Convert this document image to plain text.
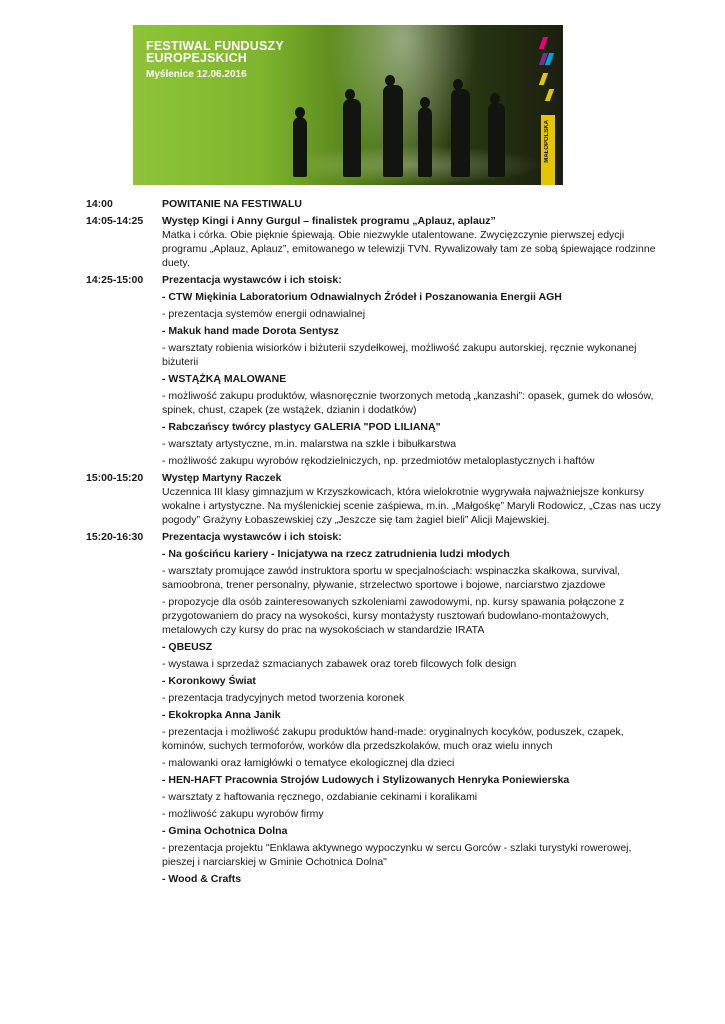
FESTIWAL FUNDUSZY
EUROPEJSKICH
Myślenice 12.06.2016
MAŁOPOLSKA
14:00	POWITANIE NA FESTIWALU
14:05-14:25	Występ Kingi i Anny Gurgul – finalistek programu „Aplauz, aplauz”
Matka i córka. Obie pięknie śpiewają. Obie niezwykle utalentowane. Zwycięzczynie pierwszej edycji programu „Aplauz, Aplauz”, emitowanego w telewizji TVN. Rywalizowały tam ze sobą śpiewające rodzinne duety.
14:25-15:00	Prezentacja wystawców i ich stoisk:
- CTW Miękinia Laboratorium Odnawialnych Źródeł i Poszanowania Energii AGH
- prezentacja systemów energii odnawialnej
- Makuk hand made Dorota Sentysz
- warsztaty robienia wisiorków i biżuterii szydełkowej, możliwość zakupu autorskiej, ręcznie wykonanej biżuterii
- WSTĄŻKĄ MALOWANE
- możliwość zakupu produktów, własnoręcznie tworzonych metodą „kanzashi”: opasek, gumek do włosów, spinek, chust, czapek (ze wstążek, dzianin i dodatków)
- Rabczańscy twórcy plastycy GALERIA "POD LILIANĄ"
- warsztaty artystyczne, m.in. malarstwa na szkle i bibułkarstwa
- możliwość zakupu wyrobów rękodzielniczych, np. przedmiotów metaloplastycznych i haftów
15:00-15:20	Występ Martyny Raczek
Uczennica III klasy gimnazjum w Krzyszkowicach, która wielokrotnie wygrywała najważniejsze konkursy wokalne i artystyczne. Na myślenickiej scenie zaśpiewa, m.in. „Małgośkę” Maryli Rodowicz, „Czas nas uczy pogody” Grażyny Łobaszewskiej czy „Jeszcze się tam żagiel bieli” Alicji Majewskiej.
15:20-16:30	Prezentacja wystawców i ich stoisk:
- Na gościńcu kariery - Inicjatywa na rzecz zatrudnienia ludzi młodych
- warsztaty promujące zawód instruktora sportu w specjalnościach: wspinaczka skałkowa, survival, samoobrona, trener personalny, pływanie, strzelectwo sportowe i bojowe, narciarstwo zjazdowe
- propozycje dla osób zainteresowanych szkoleniami zawodowymi, np. kursy spawania połączone z przygotowaniem do pracy na wysokości, kursy montażysty rusztowań budowlano-montażowych, metalowych czy kursy do prac na wysokościach w standardzie IRATA
- QBEUSZ
- wystawa i sprzedaż szmacianych zabawek oraz toreb filcowych folk design
- Koronkowy Świat
- prezentacja tradycyjnych metod tworzenia koronek
- Ekokropka Anna Janik
- prezentacja i możliwość zakupu produktów hand-made: oryginalnych kocyków, poduszek, czapek, kominów, suchych termoforów, worków dla przedszkolaków, much oraz wielu innych
- malowanki oraz łamigłówki o tematyce ekologicznej dla dzieci
- HEN-HAFT Pracownia Strojów Ludowych i Stylizowanych Henryka Poniewierska
- warsztaty z haftowania ręcznego, ozdabianie cekinami i koralikami
- możliwość zakupu wyrobów firmy
- Gmina Ochotnica Dolna
- prezentacja projektu "Enklawa aktywnego wypoczynku w sercu Gorców - szlaki turystyki rowerowej, pieszej i narciarskiej w Gminie Ochotnica Dolna"
- Wood & Crafts
